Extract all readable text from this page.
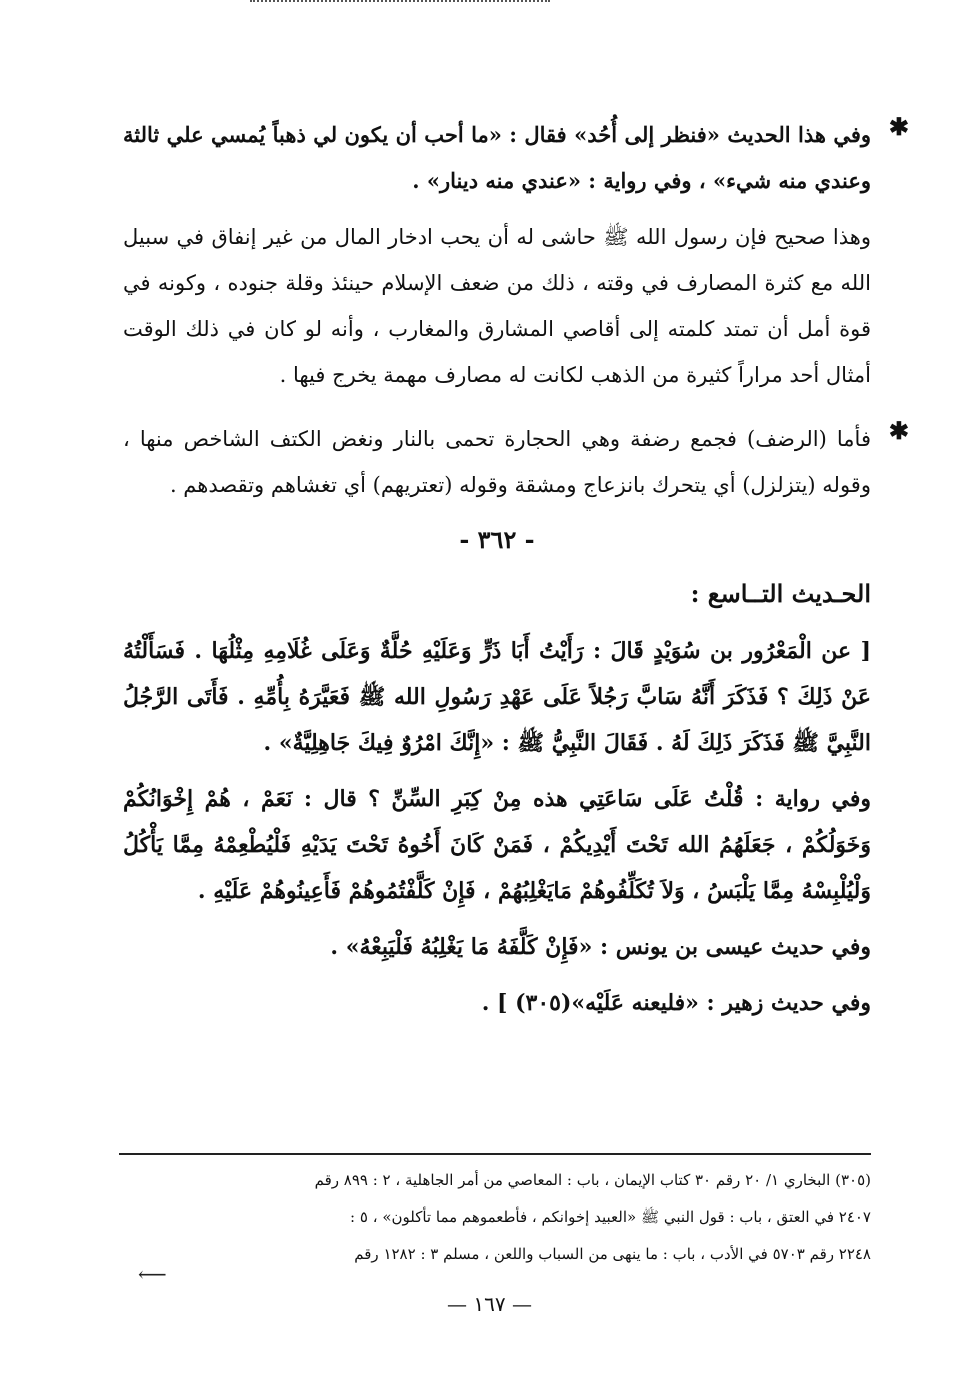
✱

وفي هذا الحديث «فنظر إلى أُحُد» فقال : «ما أحب أن يكون لي ذهباً يُمسي علي ثالثة وعندي منه شيء» ، وفي رواية : «عندي منه دينار» .

وهذا صحيح فإن رسول الله ﷺ حاشى له أن يحب ادخار المال من غير إنفاق في سبيل الله مع كثرة المصارف في وقته ، ذلك من ضعف الإسلام حينئذ وقلة جنوده ، وكونه في قوة أمل أن تمتد كلمته إلى أقاصي المشارق والمغارب ، وأنه لو كان في ذلك الوقت أمثال أحد مراراً كثيرة من الذهب لكانت له مصارف مهمة يخرج فيها .

✱

فأما (الرضف) فجمع رضفة وهي الحجارة تحمى بالنار ونغض الكتف الشاخص منها ، وقوله (يتزلزل) أي يتحرك بانزعاج ومشقة وقوله (تعتريهم) أي تغشاهم وتقصدهم .

- ٣٦٢ -

الحـديث التــاسع :

[ عن الْمَعْرُور بن سُوَيْدٍ قَالَ : رَأَيْتُ أَبَا ذَرٍّ وَعَلَيْهِ حُلَّةٌ وَعَلَى غُلَامِهِ مِثْلُهَا . فَسَأَلْتُهُ عَنْ ذَلِكَ ؟ فَذَكَرَ أَنَّهُ سَابَّ رَجُلاً عَلَى عَهْدِ رَسُولِ الله ﷺ فَعَيَّرَهُ بِأُمِّهِ . فَأَتَى الرَّجُلُ النَّبِيَّ ﷺ فَذَكَرَ ذَلِكَ لَهُ . فَقَالَ النَّبِيُّ ﷺ : «إِنَّكَ امْرُوٌ فِيكَ جَاهِلِيَّةٌ» .

وفي رواية : قُلْتُ عَلَى سَاعَتِي هذه مِنْ كِبَرِ السِّنِّ ؟ قال : نَعَمْ ، هُمْ إِخْوَانُكُمْ وَخَوَلُكُمْ ، جَعَلَهُمُ الله تَحْتَ أَيْدِيكُمْ ، فَمَنْ كَانَ أَخُوهُ تَحْتَ يَدَيْهِ فَلْيُطْعِمْهُ مِمَّا يَأْكُلُ وَلْيُلْبِسْهُ مِمَّا يَلْبَسُ ، وَلاَ تُكَلِّفُوهُمْ مَايَغْلِبُهُمْ ، فَإِنْ كَلَّفْتُمُوهُمْ فَأَعِينُوهُمْ عَلَيْهِ .

وفي حديث عيسى بن يونس : «فَإِنْ كَلَّفَهُ مَا يَغْلِبُهُ فَلْيَبِعْهُ» .

وفي حديث زهير : «فليعنه عَلَيْه»(٣٠٥) ] .

(٣٠٥) البخاري ١/ ٢٠ رقم ٣٠ كتاب الإيمان ، باب : المعاصي من أمر الجاهلية ، ٢ : ٨٩٩ رقم

٢٤٠٧ في العتق ، باب : قول النبي ﷺ «العبيد إخوانكم ، فأطعموهم مما تأكلون» ، ٥ :

٢٢٤٨ رقم ٥٧٠٣ في الأدب ، باب : ما ينهى من السباب واللعن ، مسلم ٣ : ١٢٨٢ رقم

⟵
— ١٦٧ —
